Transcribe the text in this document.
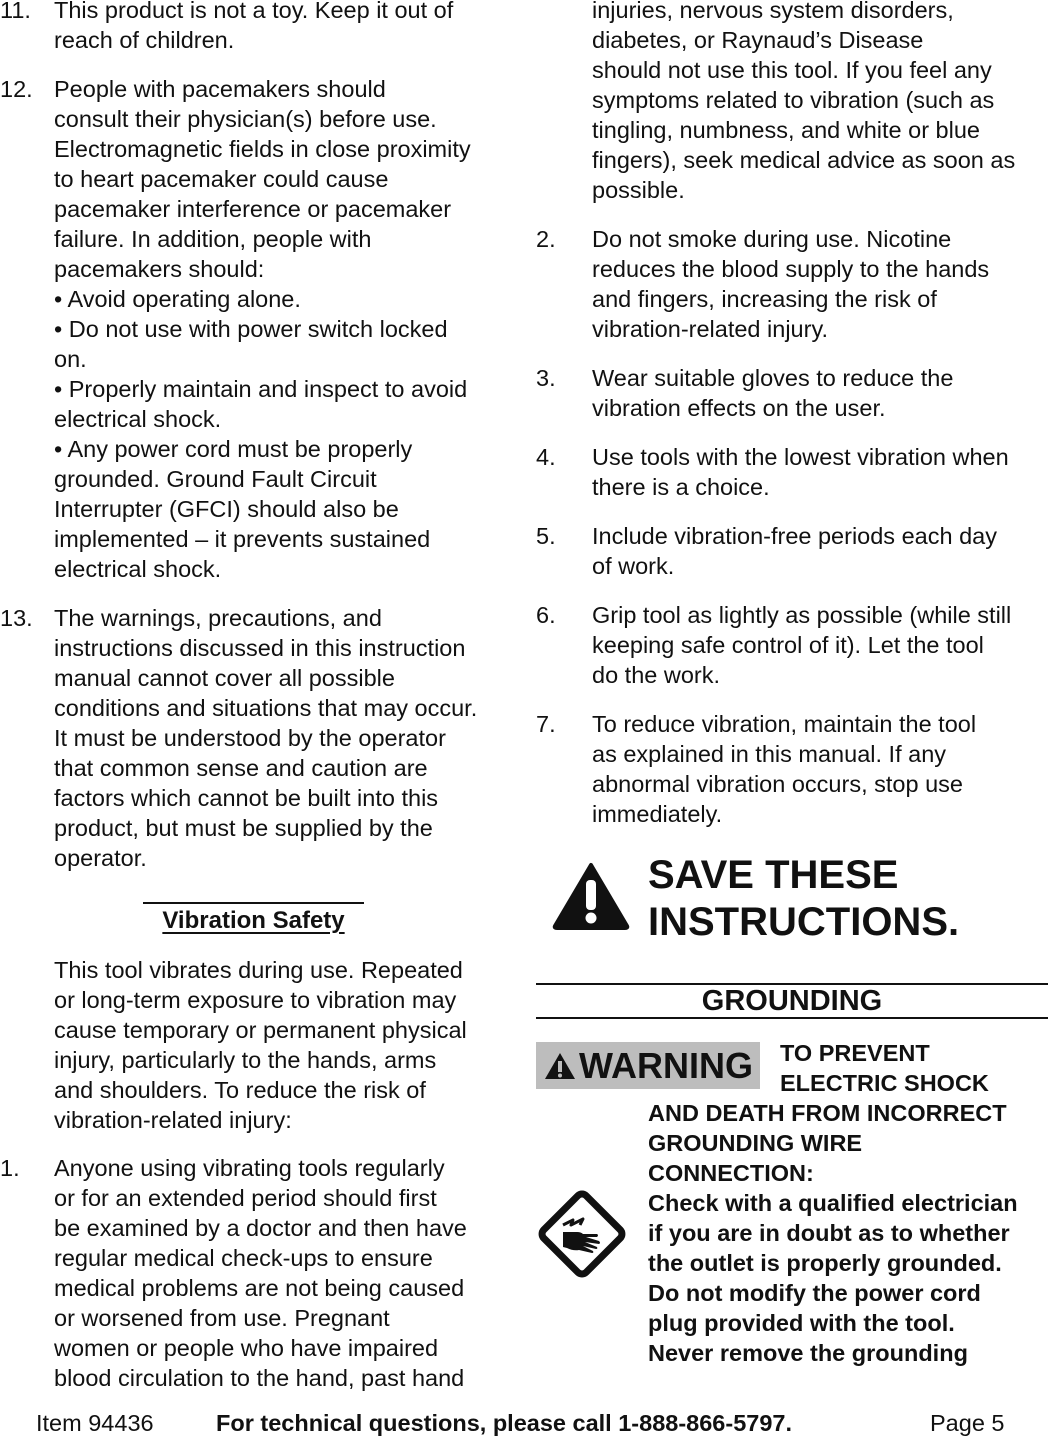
11. This product is not a toy. Keep it out of
reach of children.
12. People with pacemakers should
consult their physician(s) before use.
Electromagnetic fields in close proximity
to heart pacemaker could cause
pacemaker interference or pacemaker
failure. In addition, people with
pacemakers should:
• Avoid operating alone.
• Do not use with power switch locked
on.
• Properly maintain and inspect to avoid
electrical shock.
• Any power cord must be properly
grounded. Ground Fault Circuit
Interrupter (GFCI) should also be
implemented – it prevents sustained
electrical shock.
13. The warnings, precautions, and
instructions discussed in this instruction
manual cannot cover all possible
conditions and situations that may occur.
It must be understood by the operator
that common sense and caution are
factors which cannot be built into this
product, but must be supplied by the
operator.
Vibration Safety
This tool vibrates during use. Repeated
or long-term exposure to vibration may
cause temporary or permanent physical
injury, particularly to the hands, arms
and shoulders. To reduce the risk of
vibration-related injury:
1.	Anyone using vibrating tools regularly
or for an extended period should first
be examined by a doctor and then have
regular medical check-ups to ensure
medical problems are not being caused
or worsened from use. Pregnant
women or people who have impaired
blood circulation to the hand, past hand
injuries, nervous system disorders,
diabetes, or Raynaud’s Disease
should not use this tool. If you feel any
symptoms related to vibration (such as
tingling, numbness, and white or blue
fingers), seek medical advice as soon as
possible.
2.	Do not smoke during use. Nicotine
reduces the blood supply to the hands
and fingers, increasing the risk of
vibration-related injury.
3.	Wear suitable gloves to reduce the
vibration effects on the user.
4.	Use tools with the lowest vibration when
there is a choice.
5.	Include vibration-free periods each day
of work.
6.	Grip tool as lightly as possible (while still
keeping safe control of it). Let the tool
do the work.
7.	To reduce vibration, maintain the tool
as explained in this manual. If any
abnormal vibration occurs, stop use
immediately.
SAVE THESE
INSTRUCTIONS.
GROUNDING
WARNING TO PREVENT
ELECTRIC SHOCK
AND DEATH FROM INCORRECT
GROUNDING WIRE
CONNECTION:
Check with a qualified electrician
if you are in doubt as to whether
the outlet is properly grounded.
Do not modify the power cord
plug provided with the tool.
Never remove the grounding
Item 94436	For technical questions, please call 1-888-866-5797.	Page 5
